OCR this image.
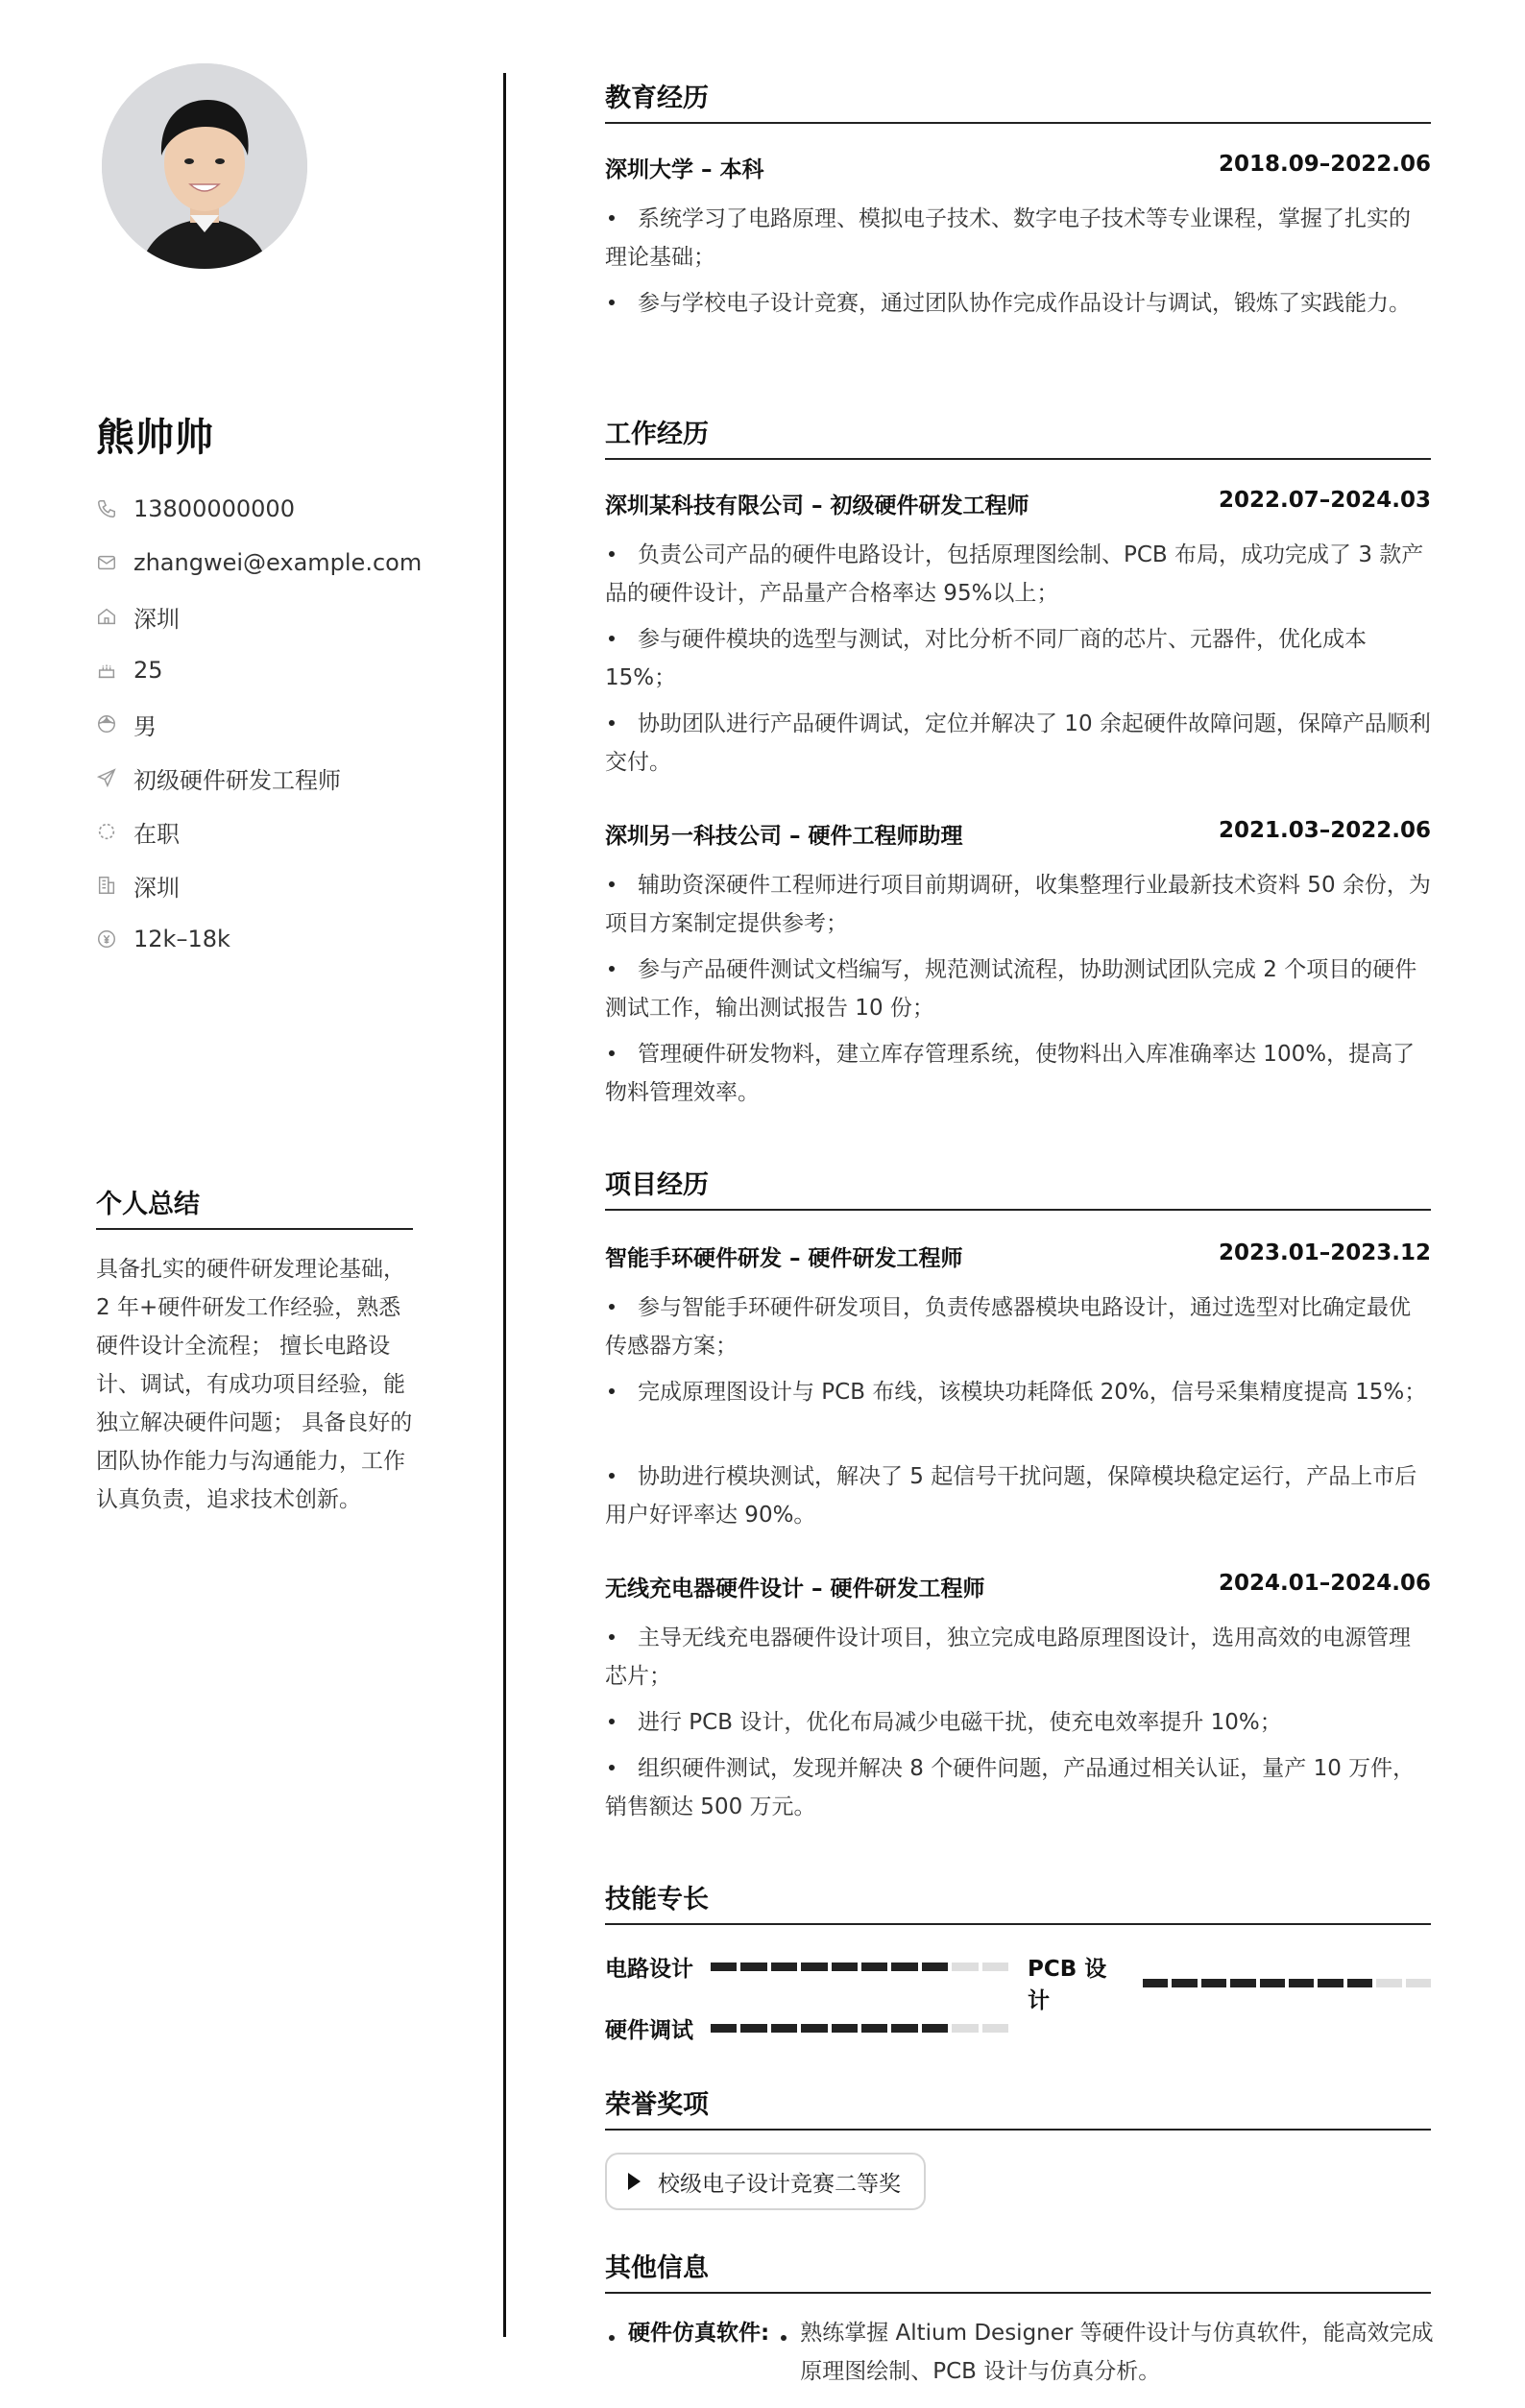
熊帅帅
13800000000
zhangwei@example.com
深圳
25
男
初级硬件研发工程师
在职
深圳
12k–18k
个人总结
具备扎实的硬件研发理论基础，2 年+硬件研发工作经验，熟悉硬件设计全流程； 擅长电路设计、调试，有成功项目经验，能独立解决硬件问题； 具备良好的团队协作能力与沟通能力，工作认真负责，追求技术创新。
教育经历
深圳大学 – 本科	2018.09–2022.06
系统学习了电路原理、模拟电子技术、数字电子技术等专业课程，掌握了扎实的理论基础；
参与学校电子设计竞赛，通过团队协作完成作品设计与调试，锻炼了实践能力。
工作经历
深圳某科技有限公司 – 初级硬件研发工程师	2022.07–2024.03
负责公司产品的硬件电路设计，包括原理图绘制、PCB 布局，成功完成了 3 款产品的硬件设计，产品量产合格率达 95%以上；
参与硬件模块的选型与测试，对比分析不同厂商的芯片、元器件，优化成本 15%；
协助团队进行产品硬件调试，定位并解决了 10 余起硬件故障问题，保障产品顺利交付。
深圳另一科技公司 – 硬件工程师助理	2021.03–2022.06
辅助资深硬件工程师进行项目前期调研，收集整理行业最新技术资料 50 余份，为项目方案制定提供参考；
参与产品硬件测试文档编写，规范测试流程，协助测试团队完成 2 个项目的硬件测试工作，输出测试报告 10 份；
管理硬件研发物料，建立库存管理系统，使物料出入库准确率达 100%，提高了物料管理效率。
项目经历
智能手环硬件研发 – 硬件研发工程师	2023.01–2023.12
参与智能手环硬件研发项目，负责传感器模块电路设计，通过选型对比确定最优传感器方案；
完成原理图设计与 PCB 布线，该模块功耗降低 20%，信号采集精度提高 15%；
协助进行模块测试，解决了 5 起信号干扰问题，保障模块稳定运行，产品上市后用户好评率达 90%。
无线充电器硬件设计 – 硬件研发工程师	2024.01–2024.06
主导无线充电器硬件设计项目，独立完成电路原理图设计，选用高效的电源管理芯片；
进行 PCB 设计，优化布局减少电磁干扰，使充电效率提升 10%；
组织硬件测试，发现并解决 8 个硬件问题，产品通过相关认证，量产 10 万件，销售额达 500 万元。
技能专长
电路设计	PCB 设计
硬件调试
荣誉奖项
校级电子设计竞赛二等奖
其他信息
硬件仿真软件: 熟练掌握 Altium Designer 等硬件设计与仿真软件，能高效完成原理图绘制、PCB 设计与仿真分析。
